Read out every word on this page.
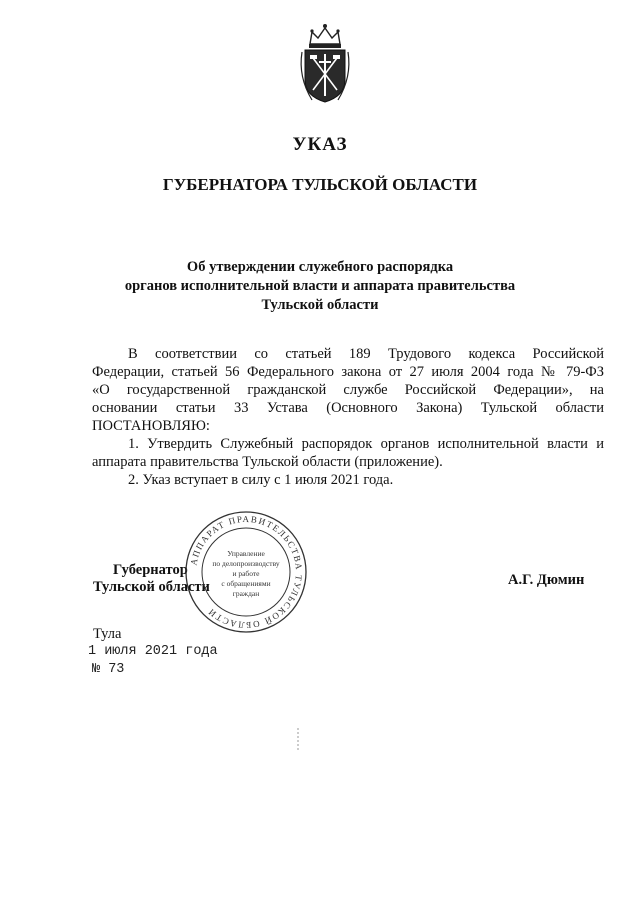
УКАЗ
ГУБЕРНАТОРА ТУЛЬСКОЙ ОБЛАСТИ
Об утверждении служебного распорядка
органов исполнительной власти и аппарата правительства
Тульской области

В соответствии со статьей 189 Трудового кодекса Российской

Федерации, статьей 56 Федерального закона от 27 июля 2004 года № 79-ФЗ

«О государственной гражданской службе Российской Федерации», на

основании статьи 33 Устава (Основного Закона) Тульской области

ПОСТАНОВЛЯЮ:

1. Утвердить Служебный распорядок органов исполнительной власти и

аппарата правительства Тульской области (приложение).

2. Указ вступает в силу с 1 июля 2021 года.

Губернатор
Тульской области	А.Г. Дюмин
АППАРАТ ПРАВИТЕЛЬСТВА ТУЛЬСКОЙ ОБЛАСТИ
Управление
по делопроизводству
и работе
с обращениями
граждан
Тула
1 июля 2021 года
№ 73
